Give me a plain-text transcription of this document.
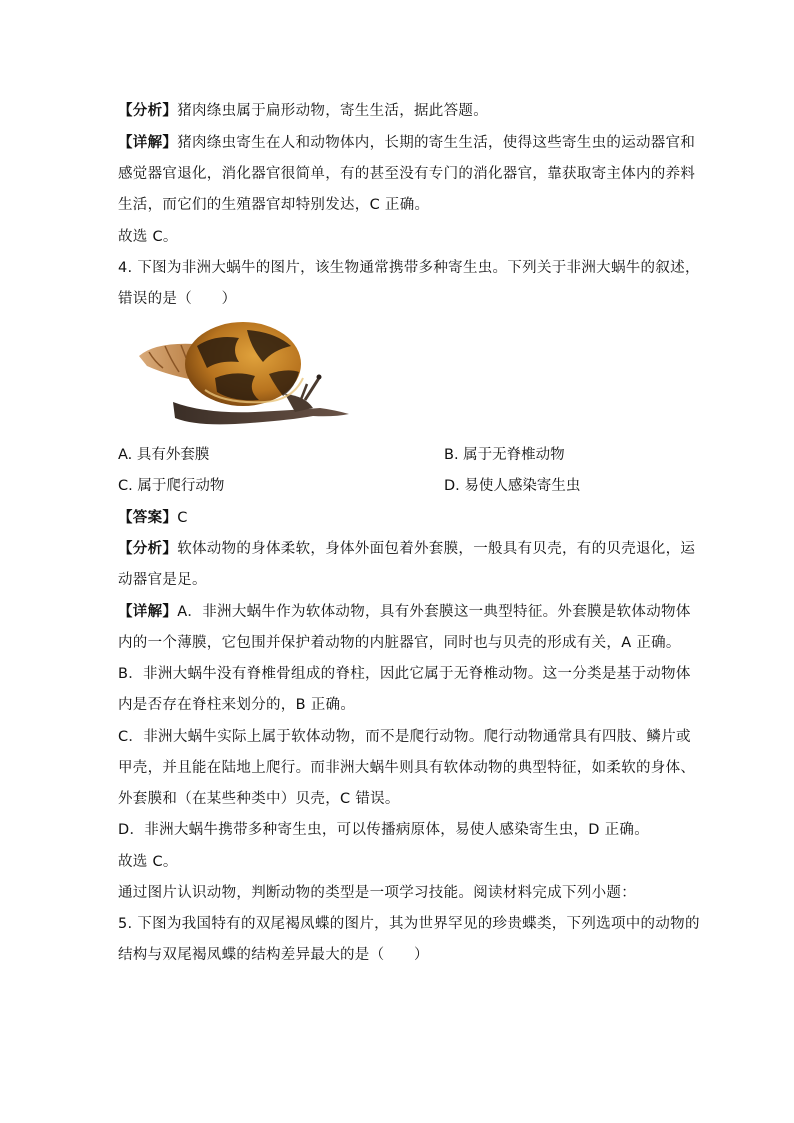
【分析】猪肉绦虫属于扁形动物，寄生生活，据此答题。
【详解】猪肉绦虫寄生在人和动物体内，长期的寄生生活，使得这些寄生虫的运动器官和
感觉器官退化，消化器官很简单，有的甚至没有专门的消化器官，靠获取寄主体内的养料
生活，而它们的生殖器官却特别发达，C 正确。
故选 C。
4. 下图为非洲大蜗牛的图片，该生物通常携带多种寄生虫。下列关于非洲大蜗牛的叙述，
错误的是（　　）
A. 具有外套膜	B. 属于无脊椎动物
C. 属于爬行动物	D. 易使人感染寄生虫
【答案】C
【分析】软体动物的身体柔软，身体外面包着外套膜，一般具有贝壳，有的贝壳退化，运
动器官是足。
【详解】A．非洲大蜗牛作为软体动物，具有外套膜这一典型特征。外套膜是软体动物体
内的一个薄膜，它包围并保护着动物的内脏器官，同时也与贝壳的形成有关，A 正确。
B．非洲大蜗牛没有脊椎骨组成的脊柱，因此它属于无脊椎动物。这一分类是基于动物体
内是否存在脊柱来划分的，B 正确。
C．非洲大蜗牛实际上属于软体动物，而不是爬行动物。爬行动物通常具有四肢、鳞片或
甲壳，并且能在陆地上爬行。而非洲大蜗牛则具有软体动物的典型特征，如柔软的身体、
外套膜和（在某些种类中）贝壳，C 错误。
D．非洲大蜗牛携带多种寄生虫，可以传播病原体，易使人感染寄生虫，D 正确。
故选 C。
通过图片认识动物，判断动物的类型是一项学习技能。阅读材料完成下列小题：
5. 下图为我国特有的双尾褐凤蝶的图片，其为世界罕见的珍贵蝶类，下列选项中的动物的
结构与双尾褐凤蝶的结构差异最大的是（　　）
